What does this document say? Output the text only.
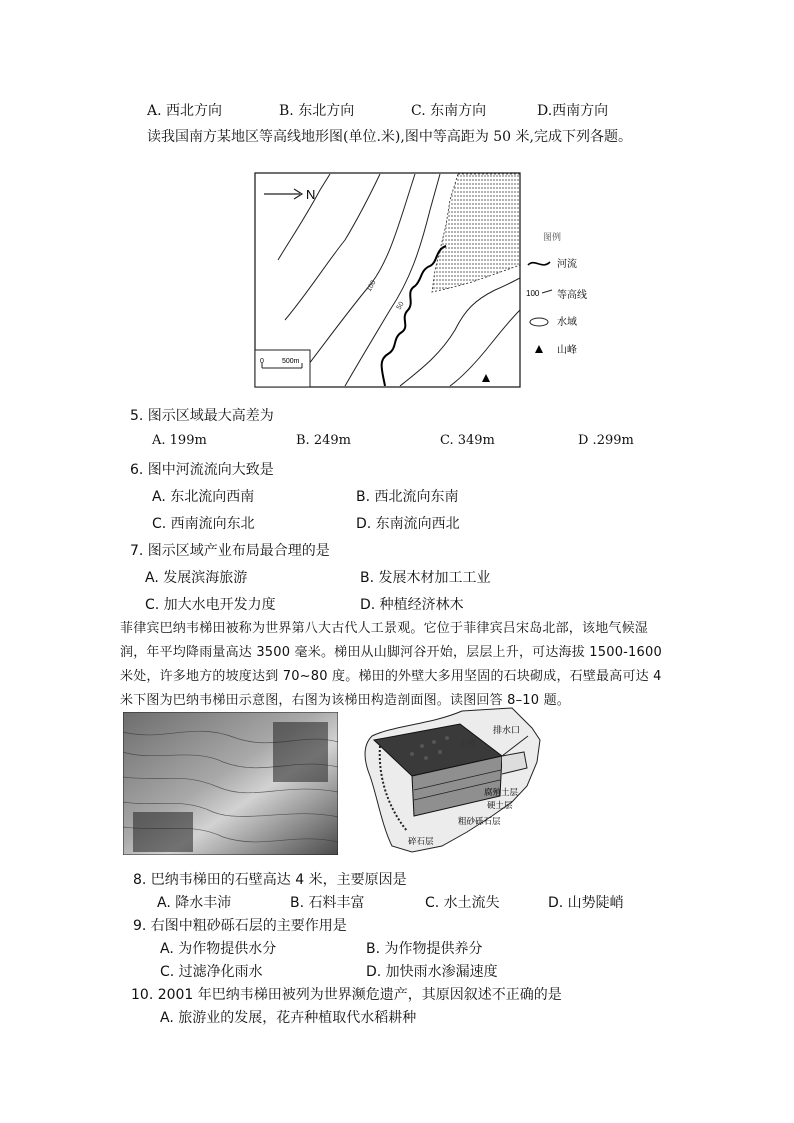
A. 西北方向	B. 东北方向	C. 东南方向	D.西南方向
读我国南方某地区等高线地形图(单位.米),图中等高距为 50 米,完成下列各题。
N
100
50
0	500m
图例
河流
100 等高线
水域
山峰
5. 图示区域最大高差为
A. 199m	B. 249m	C. 349m	D .299m
6. 图中河流流向大致是
A. 东北流向西南	B. 西北流向东南
C. 西南流向东北	D. 东南流向西北
7. 图示区域产业布局最合理的是
A. 发展滨海旅游	B. 发展木材加工工业
C. 加大水电开发力度	D. 种植经济林木
菲律宾巴纳韦梯田被称为世界第八大古代人工景观。它位于菲律宾吕宋岛北部，该地气候湿
润，年平均降雨量高达 3500 毫米。梯田从山脚河谷开始，层层上升，可达海拔 1500-1600
米处，许多地方的坡度达到 70~80 度。梯田的外壁大多用坚固的石块砌成，石壁最高可达 4
米下图为巴纳韦梯田示意图，右图为该梯田构造剖面图。读图回答 8–10 题。
排水口
石壁
腐殖土层
硬土层
粗砂砾石层
碎石层
8. 巴纳韦梯田的石壁高达 4 米，主要原因是
A. 降水丰沛	B. 石料丰富	C. 水土流失	D. 山势陡峭
9. 右图中粗砂砾石层的主要作用是
A. 为作物提供水分	B. 为作物提供养分
C. 过滤净化雨水	D. 加快雨水渗漏速度
10. 2001 年巴纳韦梯田被列为世界濒危遗产，其原因叙述不正确的是
A. 旅游业的发展，花卉种植取代水稻耕种
